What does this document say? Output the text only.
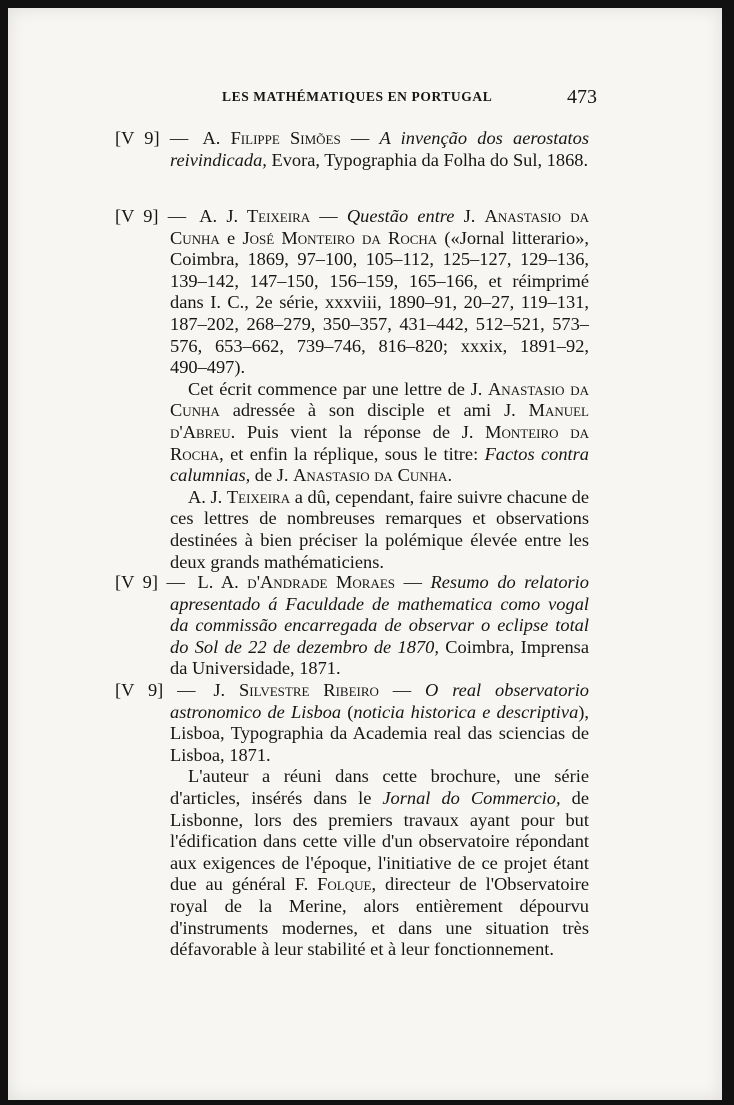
LES MATHÉMATIQUES EN PORTUGAL	473

[V 9] — A. Filippe Simões — A invenção dos aerostatos reivindicada, Evora, Typographia da Folha do Sul, 1868.

[V 9] — A. J. Teixeira — Questão entre J. Anastasio da Cunha e José Monteiro da Rocha («Jornal litterario», Coimbra, 1869, 97–100, 105–112, 125–127, 129–136, 139–142, 147–150, 156–159, 165–166, et réimprimé dans I. C., 2e série, xxxviii, 1890–91, 20–27, 119–131, 187–202, 268–279, 350–357, 431–442, 512–521, 573–576, 653–662, 739–746, 816–820; xxxix, 1891–92, 490–497).

Cet écrit commence par une lettre de J. Anastasio da Cunha adressée à son disciple et ami J. Manuel d'Abreu. Puis vient la réponse de J. Monteiro da Rocha, et enfin la réplique, sous le titre: Factos contra calumnias, de J. Anastasio da Cunha.

A. J. Teixeira a dû, cependant, faire suivre chacune de ces lettres de nombreuses remarques et observations destinées à bien préciser la polémique élevée entre les deux grands mathématiciens.

[V 9] — L. A. d'Andrade Moraes — Resumo do relatorio apresentado á Faculdade de mathematica como vogal da commissão encarregada de observar o eclipse total do Sol de 22 de dezembro de 1870, Coimbra, Imprensa da Universidade, 1871.

[V 9] — J. Silvestre Ribeiro — O real observatorio astronomico de Lisboa (noticia historica e descriptiva), Lisboa, Typographia da Academia real das sciencias de Lisboa, 1871.

L'auteur a réuni dans cette brochure, une série d'articles, insérés dans le Jornal do Commercio, de Lisbonne, lors des premiers travaux ayant pour but l'édification dans cette ville d'un observatoire répondant aux exigences de l'époque, l'initiative de ce projet étant due au général F. Folque, directeur de l'Observatoire royal de la Merine, alors entièrement dépourvu d'instruments modernes, et dans une situation très défavorable à leur stabilité et à leur fonctionnement.
